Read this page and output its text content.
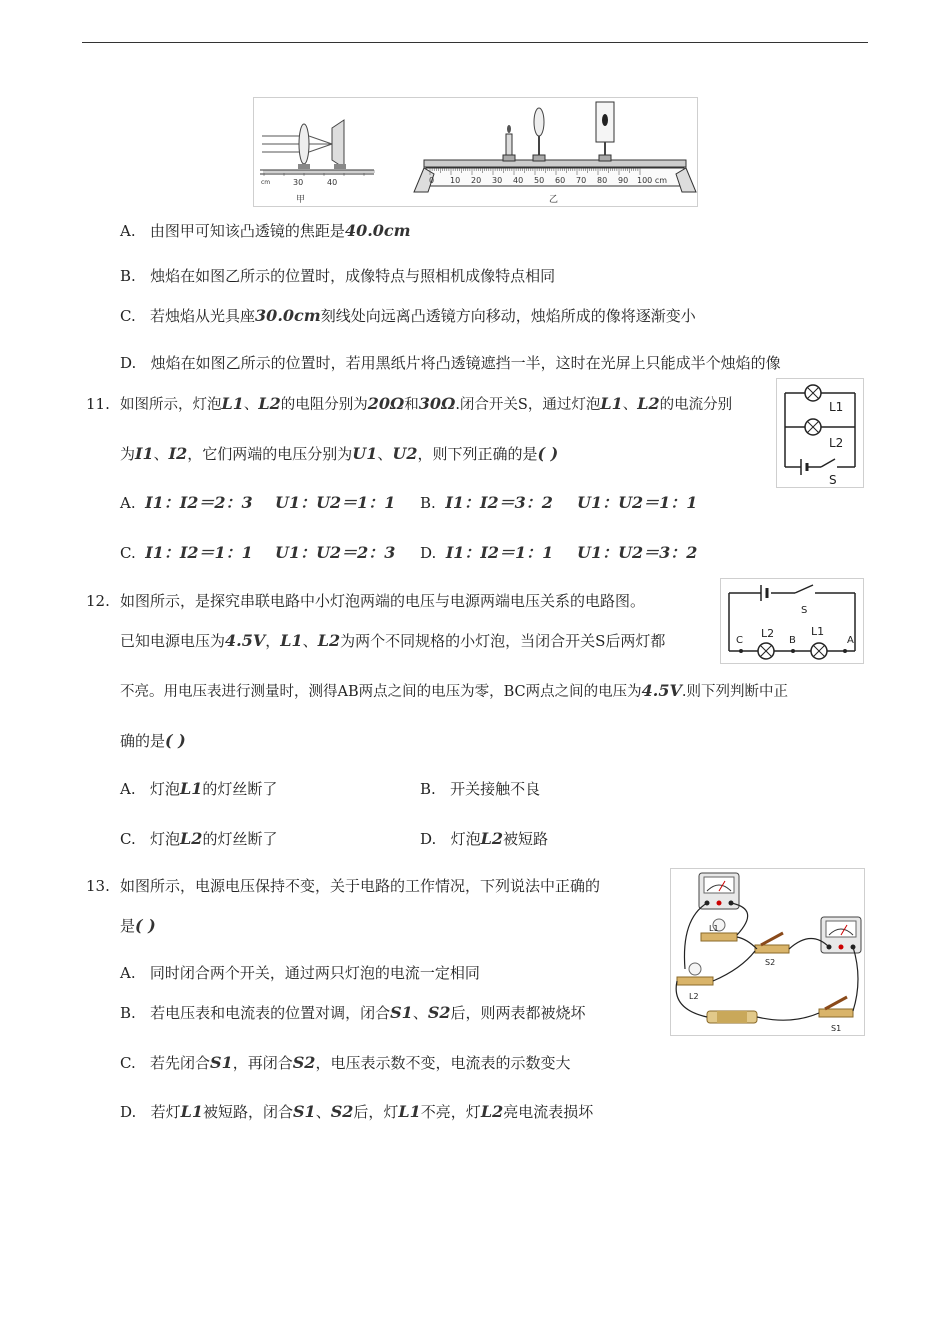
cm	30	40
甲
0 10 20 30 40 50 60 70 80 90 100 cm
乙
A. 由图甲可知该凸透镜的焦距是40.0cm
B. 烛焰在如图乙所示的位置时，成像特点与照相机成像特点相同
C. 若烛焰从光具座30.0cm刻线处向远离凸透镜方向移动，烛焰所成的像将逐渐变小
D. 烛焰在如图乙所示的位置时，若用黑纸片将凸透镜遮挡一半，这时在光屏上只能成半个烛焰的像
11. 如图所示，灯泡L1、L2的电阻分别为20Ω和30Ω.闭合开关S，通过灯泡L1、L2的电流分别
为I1、I2，它们两端的电压分别为U1、U2，则下列正确的是( )
L1
L2
S
A. I1：I2＝2：3 U1：U2＝1：1 B. I1：I2＝3：2 U1：U2＝1：1
C. I1：I2＝1：1 U1：U2＝2：3 D. I1：I2＝1：1 U1：U2＝3：2
12. 如图所示，是探究串联电路中小灯泡两端的电压与电源两端电压关系的电路图。
已知电源电压为4.5V，L1、L2为两个不同规格的小灯泡，当闭合开关S后两灯都
不亮。用电压表进行测量时，测得AB两点之间的电压为零，BC两点之间的电压为4.5V.则下列判断中正
确的是( )
S
C
L2
B
L1
A
A. 灯泡L1的灯丝断了	B. 开关接触不良
C. 灯泡L2的灯丝断了	D. 灯泡L2被短路
13. 如图所示，电源电压保持不变，关于电路的工作情况，下列说法中正确的
是( )	L1
S2
L2
S1
A. 同时闭合两个开关，通过两只灯泡的电流一定相同
B. 若电压表和电流表的位置对调，闭合S1、S2后，则两表都被烧坏
C. 若先闭合S1，再闭合S2，电压表示数不变，电流表的示数变大
D. 若灯L1被短路，闭合S1、S2后，灯L1不亮，灯L2亮电流表损坏
